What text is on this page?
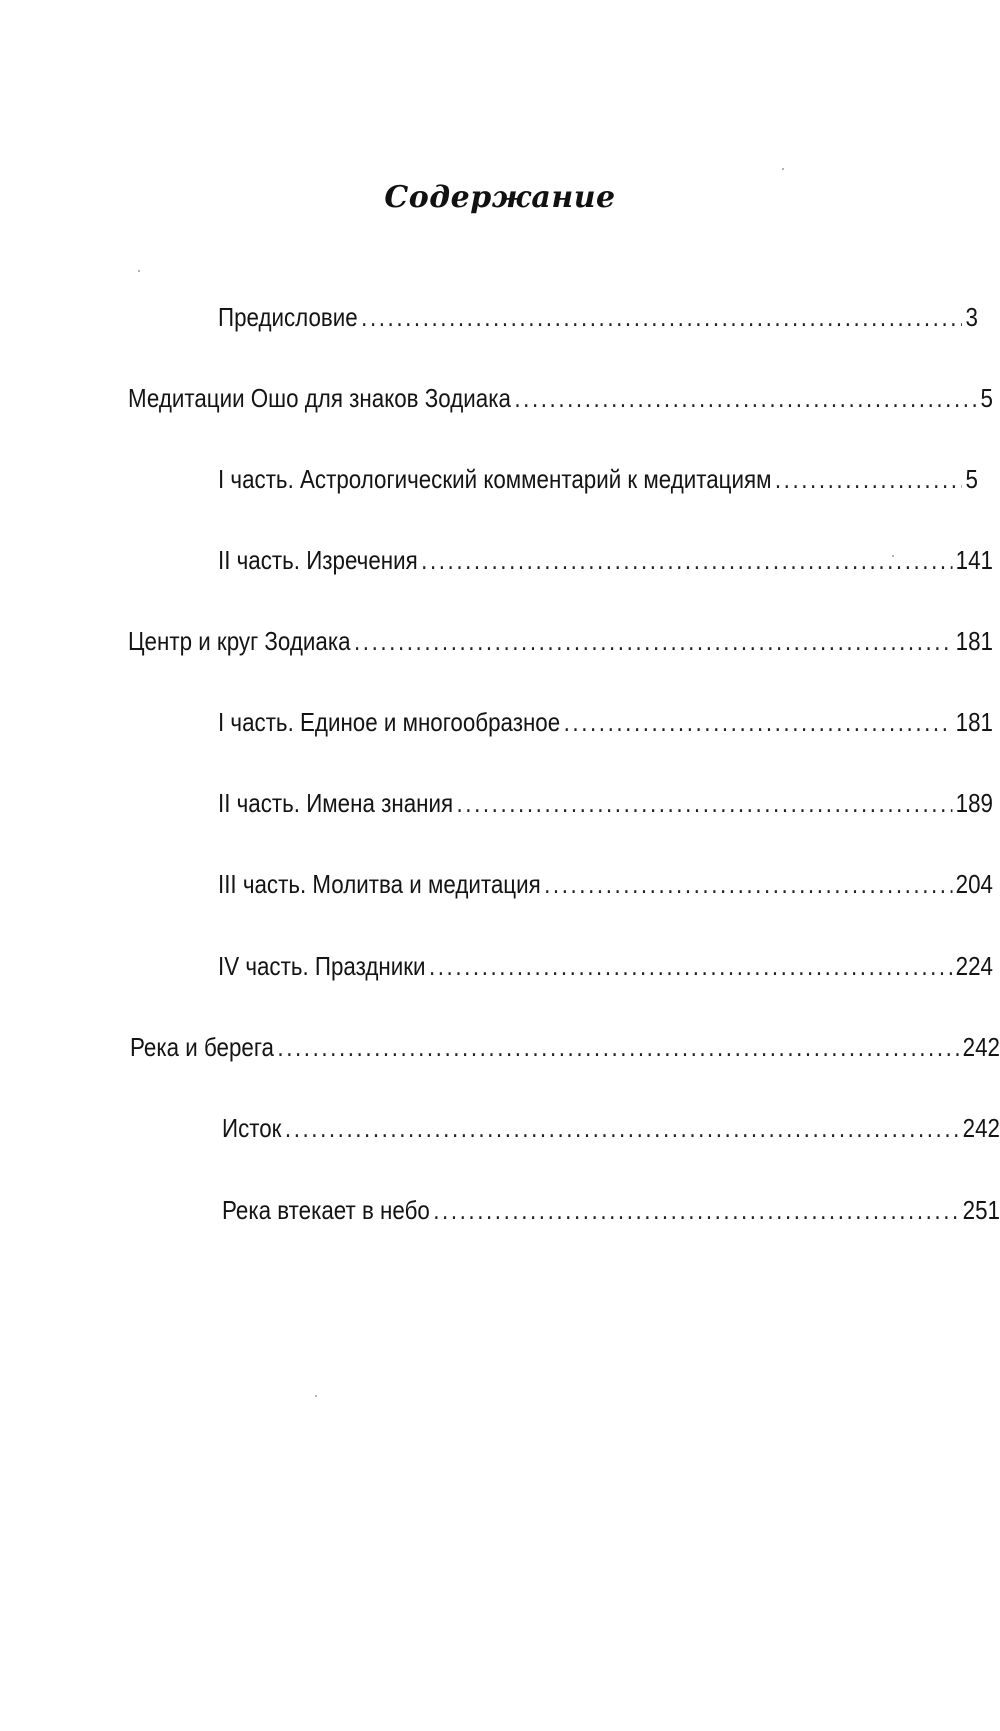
Содержание
Предисловие .....	3
Медитации Ошо для знаков Зодиака .....	5
I часть. Астрологический комментарий к медитациям .....	5
II часть. Изречения .....	141
Центр и круг Зодиака .....	181
I часть. Единое и многообразное .....	181
II часть. Имена знания .....	189
III часть. Молитва и медитация .....	204
IV часть. Праздники .....	224
Река и берега .....	242
Исток .....	242
Река втекает в небо .....	251
